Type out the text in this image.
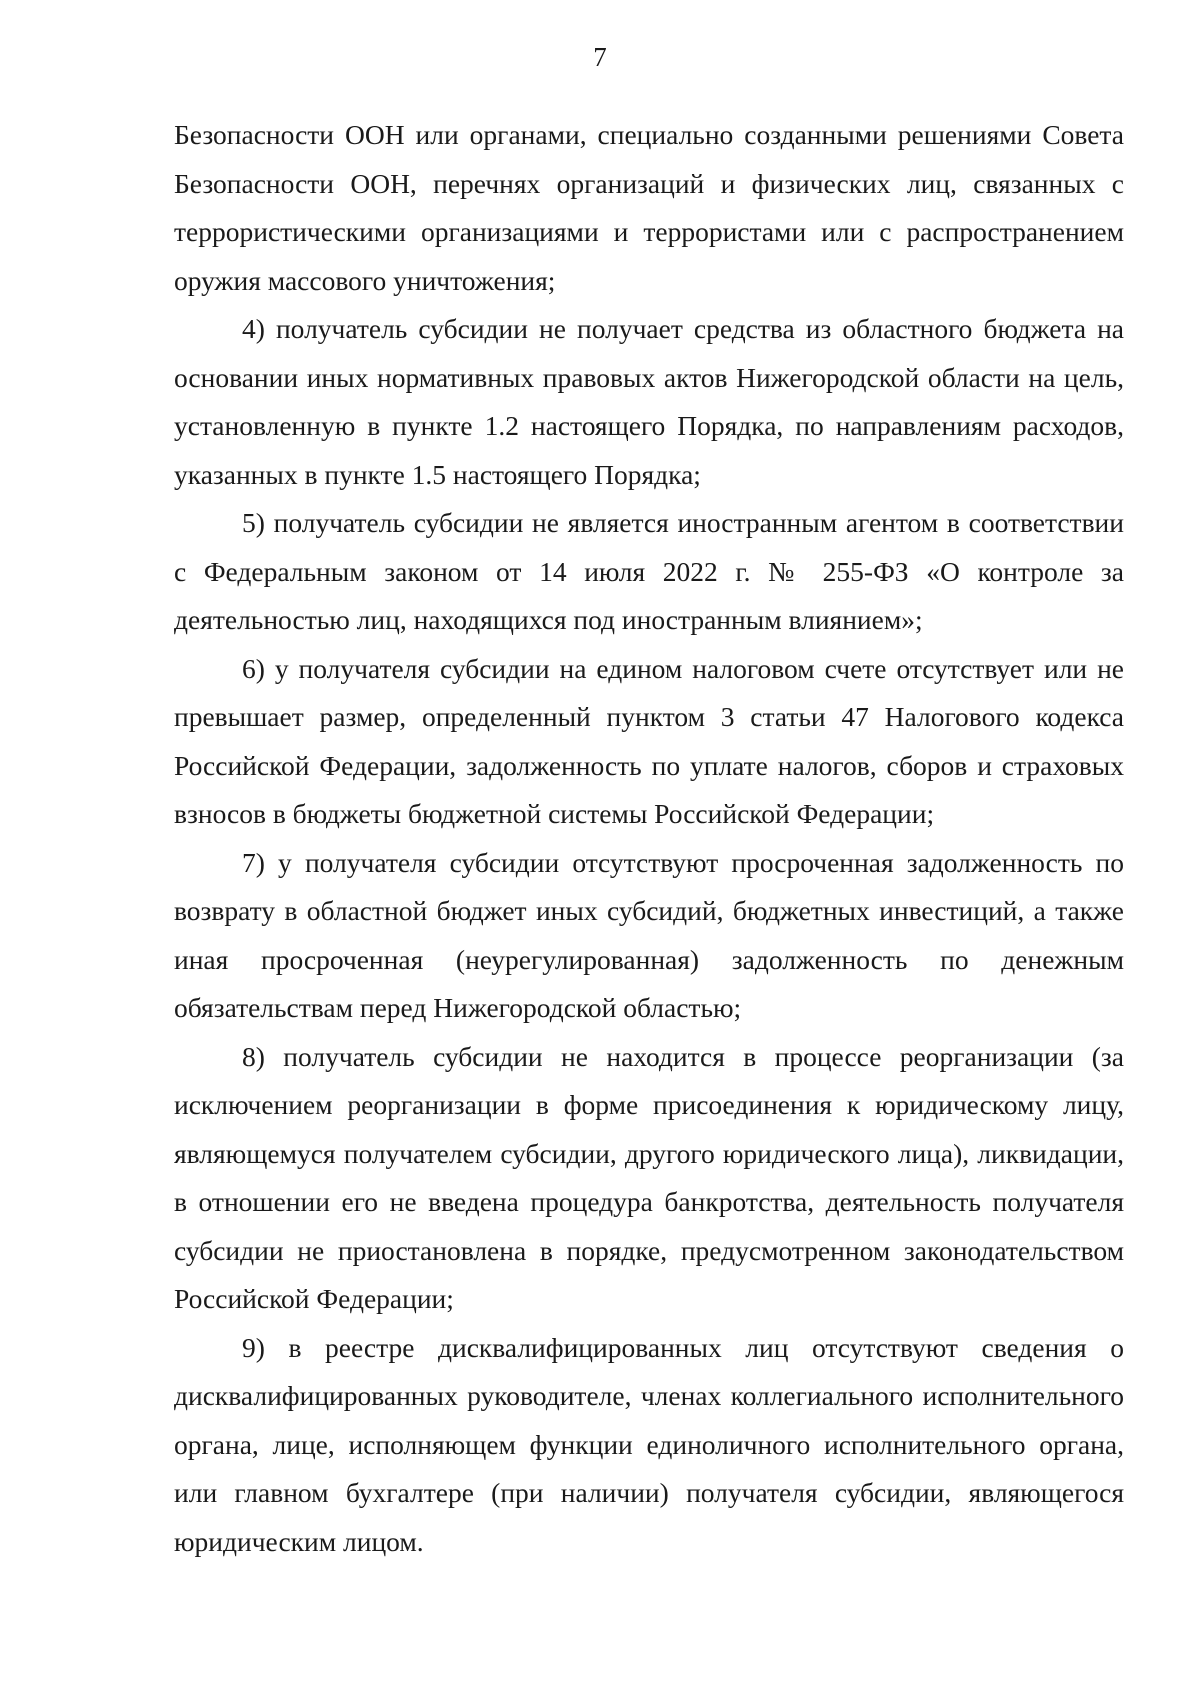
7

Безопасности ООН или органами, специально созданными решениями Совета Безопасности ООН, перечнях организаций и физических лиц, связанных с террористическими организациями и террористами или с распространением оружия массового уничтожения;

4) получатель субсидии не получает средства из областного бюджета на основании иных нормативных правовых актов Нижегородской области на цель, установленную в пункте 1.2 настоящего Порядка, по направлениям расходов, указанных в пункте 1.5 настоящего Порядка;

5) получатель субсидии не является иностранным агентом в соответствии с Федеральным законом от 14 июля 2022 г. № 255-ФЗ «О контроле за деятельностью лиц, находящихся под иностранным влиянием»;

6) у получателя субсидии на едином налоговом счете отсутствует или не превышает размер, определенный пунктом 3 статьи 47 Налогового кодекса Российской Федерации, задолженность по уплате налогов, сборов и страховых взносов в бюджеты бюджетной системы Российской Федерации;

7) у получателя субсидии отсутствуют просроченная задолженность по возврату в областной бюджет иных субсидий, бюджетных инвестиций, а также иная просроченная (неурегулированная) задолженность по денежным обязательствам перед Нижегородской областью;

8) получатель субсидии не находится в процессе реорганизации (за исключением реорганизации в форме присоединения к юридическому лицу, являющемуся получателем субсидии, другого юридического лица), ликвидации, в отношении его не введена процедура банкротства, деятельность получателя субсидии не приостановлена в порядке, предусмотренном законодательством Российской Федерации;

9) в реестре дисквалифицированных лиц отсутствуют сведения о дисквалифицированных руководителе, членах коллегиального исполнительного органа, лице, исполняющем функции единоличного исполнительного органа, или главном бухгалтере (при наличии) получателя субсидии, являющегося юридическим лицом.
